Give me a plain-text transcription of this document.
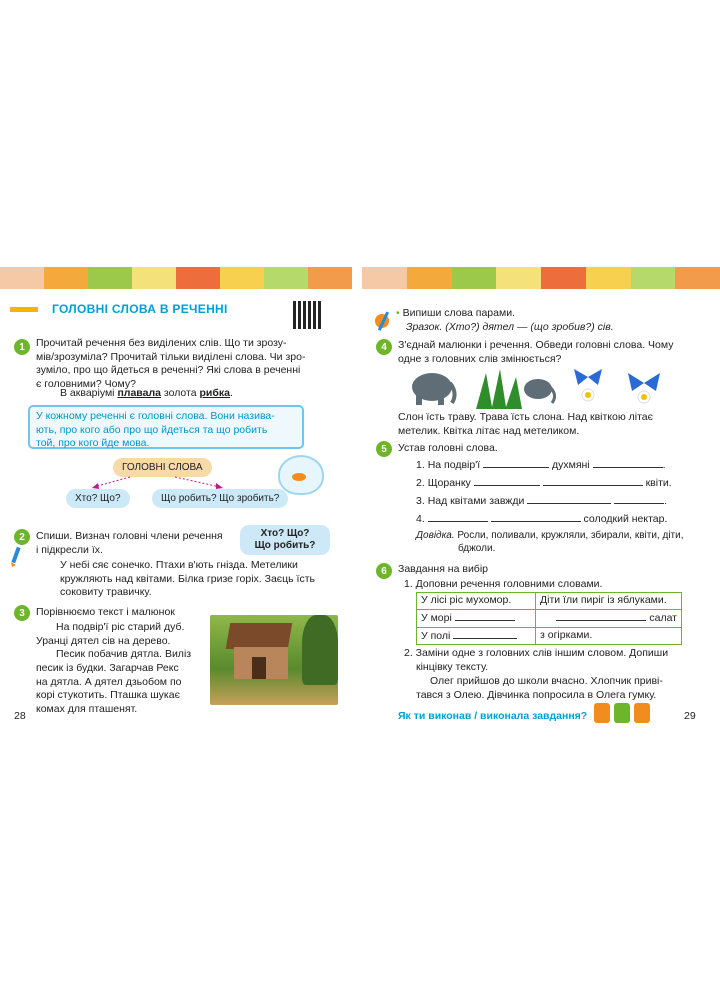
ГОЛОВНІ СЛОВА В РЕЧЕННІ
1	Прочитай речення без виділених слів. Що ти зрозу-
мів/зрозуміла? Прочитай тільки виділені слова. Чи зро-
зуміло, про що йдеться в реченні? Які слова в реченні
є головними? Чому?
В акваріумі плавала золота рибка.
У кожному реченні є головні слова. Вони назива-
ють, про кого або про що йдеться та що робить
той, про кого йде мова.
ГОЛОВНІ СЛОВА
Хто? Що?	Що робить? Що зробить?
2	Спиши. Визнач головні члени речення
і підкресли їх.
Хто? Що?
Що робить?
У небі сяє сонечко. Птахи в'ють гнізда. Метелики
кружляють над квітами. Білка гризе горіх. Заєць їсть
соковиту травичку.
3	Порівнюємо текст і малюнок
На подвір'ї ріс старий дуб.
Уранці дятел сів на дерево.
Песик побачив дятла. Виліз
песик із будки. Загарчав Рекс
на дятла. А дятел дзьобом по
корі стукотить. Пташка шукає
комах для пташенят.
28
• Випиши слова парами.
Зразок. (Хто?) дятел — (що зробив?) сів.
4	З'єднай малюнки і речення. Обведи головні слова. Чому
одне з головних слів змінюється?
Слон їсть траву. Трава їсть слона. Над квіткою літає
метелик. Квітка літає над метеликом.
5	Устав головні слова.
1. На подвір'ї	духмяні	.
2. Щоранку	квіти.
3. Над квітами завжди	.
4.	солодкий нектар.
Довідка. Росли, поливали, кружляли, збирали, квіти, діти,
бджоли.
6	Завдання на вибір
1. Доповни речення головними словами.
У лісі ріс мухомор.	Діти їли пиріг із яблуками.
У морі	салат
У полі	з огірками.
2. Заміни одне з головних слів іншим словом. Допиши
кінцівку тексту.
Олег прийшов до школи вчасно. Хлопчик приві-
тався з Олею. Дівчинка попросила в Олега гумку.
Як ти виконав / виконала завдання?	29
